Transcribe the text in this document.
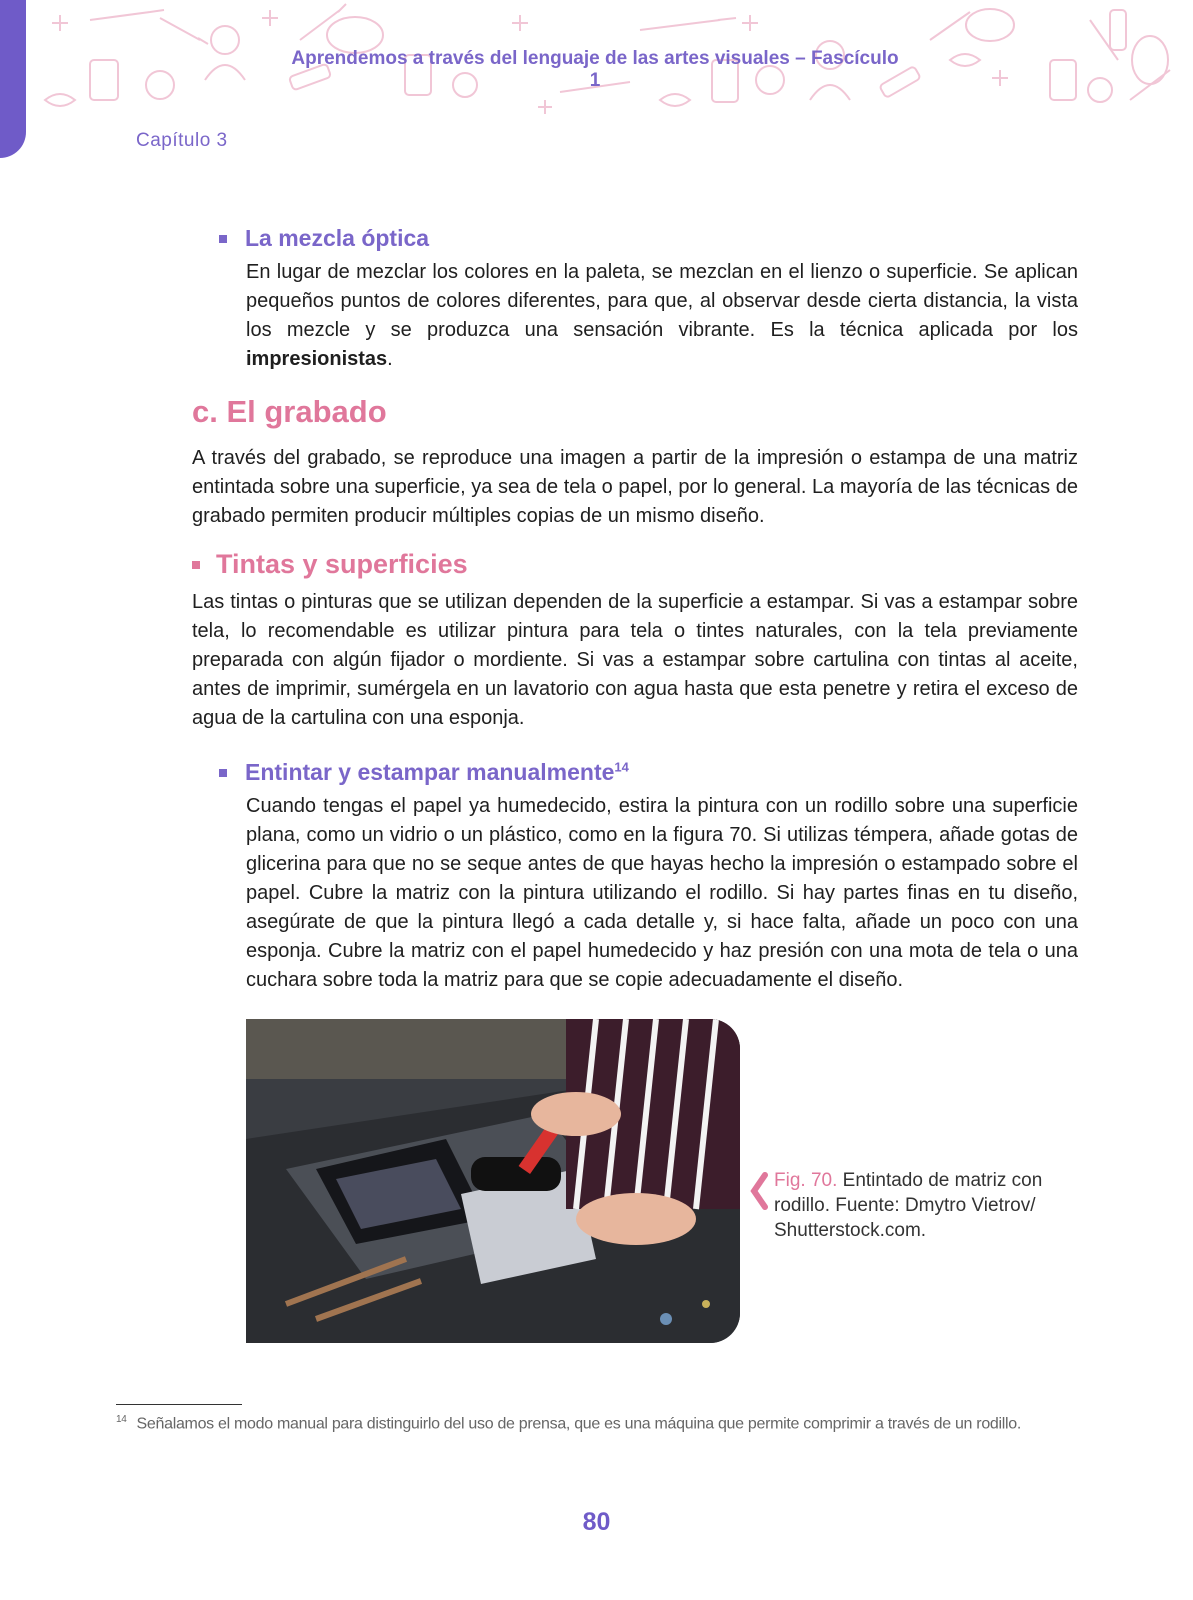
Aprendemos a través del lenguaje de las artes visuales – Fascículo 1
Capítulo 3
La mezcla óptica

En lugar de mezclar los colores en la paleta, se mezclan en el lienzo o superficie. Se aplican pequeños puntos de colores diferentes, para que, al observar desde cierta distancia, la vista los mezcle y se produzca una sensación vibrante. Es la técnica aplicada por los impresionistas.

c. El grabado

A través del grabado, se reproduce una imagen a partir de la impresión o estampa de una matriz entintada sobre una superficie, ya sea de tela o papel, por lo general. La mayoría de las técnicas de grabado permiten producir múltiples copias de un mismo diseño.

Tintas y superficies

Las tintas o pinturas que se utilizan dependen de la superficie a estampar. Si vas a estampar sobre tela, lo recomendable es utilizar pintura para tela o tintes naturales, con la tela previamente preparada con algún fijador o mordiente. Si vas a estampar sobre cartulina con tintas al aceite, antes de imprimir, sumérgela en un lavatorio con agua hasta que esta penetre y retira el exceso de agua de la cartulina con una esponja.

Entintar y estampar manualmente$^{14}$

Cuando tengas el papel ya humedecido, estira la pintura con un rodillo sobre una superficie plana, como un vidrio o un plástico, como en la figura 70. Si utilizas témpera, añade gotas de glicerina para que no se seque antes de que hayas hecho la impresión o estampado sobre el papel. Cubre la matriz con la pintura utilizando el rodillo. Si hay partes finas en tu diseño, asegúrate de que la pintura llegó a cada detalle y, si hace falta, añade un poco con una esponja. Cubre la matriz con el papel humedecido y haz presión con una mota de tela o una cuchara sobre toda la matriz para que se copie adecuadamente el diseño.

Fig. 70. Entintado de matriz con rodillo. Fuente: Dmytro Vietrov/ Shutterstock.com.
$^{14}$ Señalamos el modo manual para distinguirlo del uso de prensa, que es una máquina que permite comprimir a través de un rodillo.
80
